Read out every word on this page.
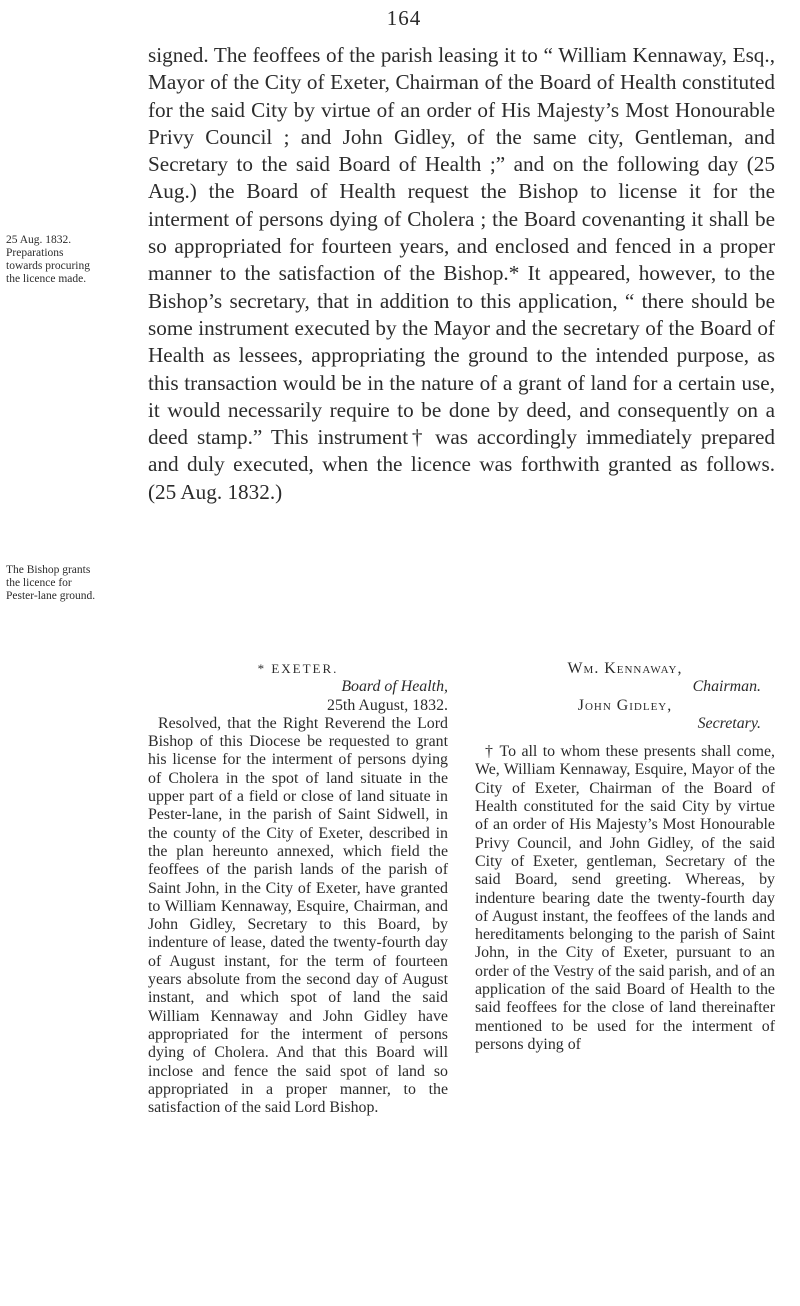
164
25 Aug. 1832. Preparations towards procuring the licence made.
The Bishop grants the licence for Pester-lane ground.

signed. The feoffees of the parish leasing it to “ William Kennaway, Esq., Mayor of the City of Exeter, Chairman of the Board of Health constituted for the said City by virtue of an order of His Majesty’s Most Honourable Privy Council ; and John Gidley, of the same city, Gentleman, and Secretary to the said Board of Health ;” and on the following day (25 Aug.) the Board of Health request the Bishop to license it for the interment of persons dying of Cholera ; the Board covenanting it shall be so appropriated for fourteen years, and enclosed and fenced in a proper manner to the satisfaction of the Bishop.* It appeared, however, to the Bishop’s secretary, that in addition to this application, “ there should be some instrument executed by the Mayor and the secretary of the Board of Health as lessees, appropriating the ground to the intended purpose, as this transaction would be in the nature of a grant of land for a certain use, it would necessarily require to be done by deed, and consequently on a deed stamp.” This instrument† was accordingly immediately prepared and duly executed, when the licence was forthwith granted as follows. (25 Aug. 1832.)

* EXETER.

Board of Health,

25th August, 1832.

Resolved, that the Right Reverend the Lord Bishop of this Diocese be requested to grant his license for the interment of persons dying of Cholera in the spot of land situate in the upper part of a field or close of land situate in Pester-lane, in the parish of Saint Sidwell, in the county of the City of Exeter, described in the plan hereunto annexed, which field the feoffees of the parish lands of the parish of Saint John, in the City of Exeter, have granted to William Kennaway, Esquire, Chairman, and John Gidley, Secretary to this Board, by indenture of lease, dated the twenty-fourth day of August instant, for the term of fourteen years absolute from the second day of August instant, and which spot of land the said William Kennaway and John Gidley have appropriated for the interment of persons dying of Cholera. And that this Board will inclose and fence the said spot of land so appropriated in a proper manner, to the satisfaction of the said Lord Bishop.

Wm. Kennaway,

Chairman.

John Gidley,

Secretary.

† To all to whom these presents shall come, We, William Kennaway, Esquire, Mayor of the City of Exeter, Chairman of the Board of Health constituted for the said City by virtue of an order of His Majesty’s Most Honourable Privy Council, and John Gidley, of the said City of Exeter, gentleman, Secretary of the said Board, send greeting. Whereas, by indenture bearing date the twenty-fourth day of August instant, the feoffees of the lands and hereditaments belonging to the parish of Saint John, in the City of Exeter, pursuant to an order of the Vestry of the said parish, and of an application of the said Board of Health to the said feoffees for the close of land thereinafter mentioned to be used for the interment of persons dying of
